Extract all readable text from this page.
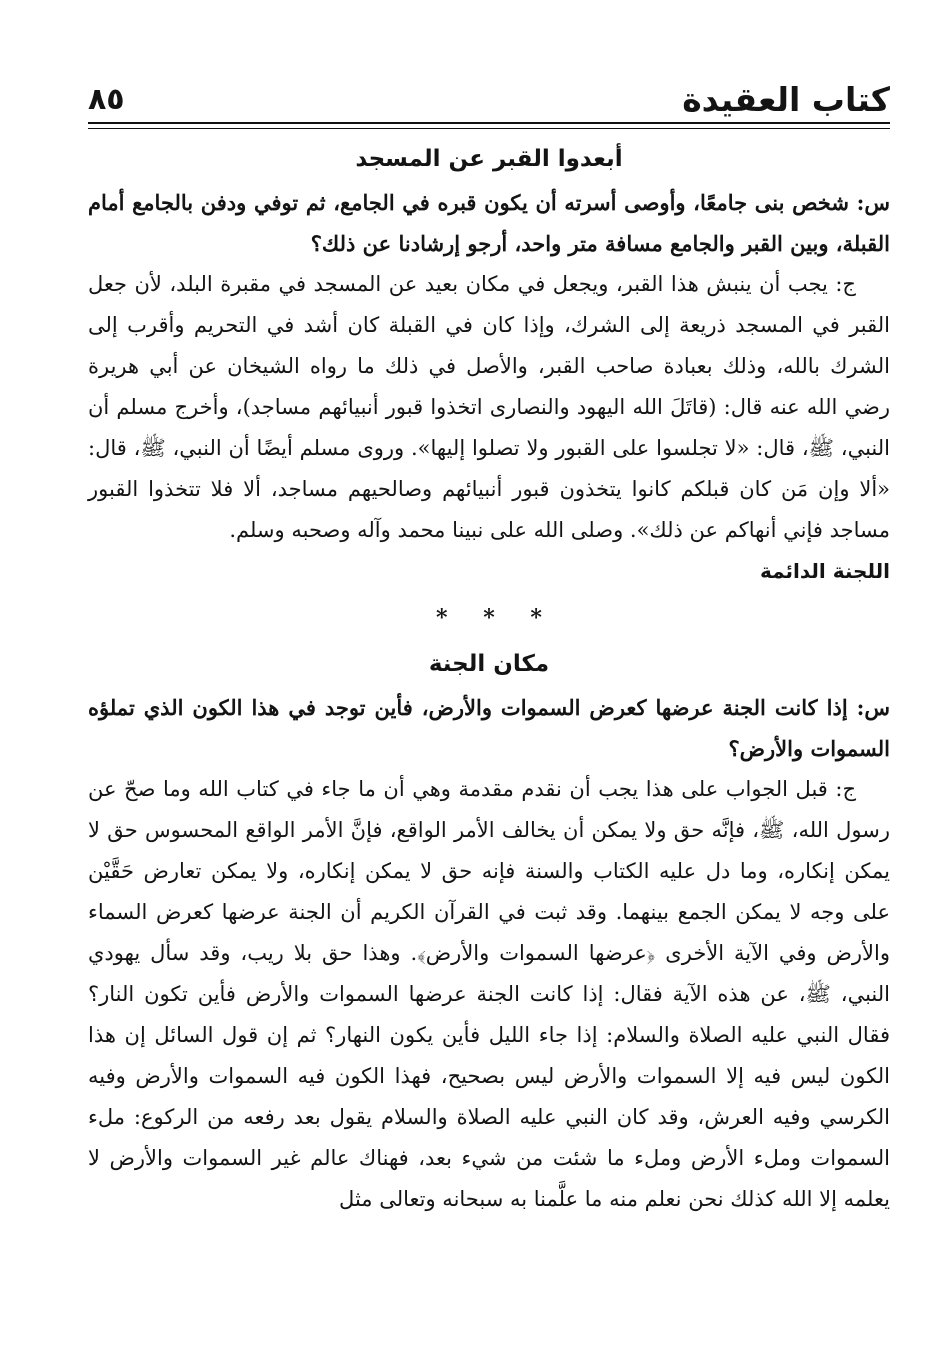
كتاب العقيدة
٨٥
أبعدوا القبر عن المسجد

س: شخص بنى جامعًا، وأوصى أسرته أن يكون قبره في الجامع، ثم توفي ودفن بالجامع أمام القبلة، وبين القبر والجامع مسافة متر واحد، أرجو إرشادنا عن ذلك؟

ج: يجب أن ينبش هذا القبر، ويجعل في مكان بعيد عن المسجد في مقبرة البلد، لأن جعل القبر في المسجد ذريعة إلى الشرك، وإذا كان في القبلة كان أشد في التحريم وأقرب إلى الشرك بالله، وذلك بعبادة صاحب القبر، والأصل في ذلك ما رواه الشيخان عن أبي هريرة رضي الله عنه قال: (قاتَلَ الله اليهود والنصارى اتخذوا قبور أنبيائهم مساجد)، وأخرج مسلم أن النبي، ﷺ، قال: «لا تجلسوا على القبور ولا تصلوا إليها». وروى مسلم أيضًا أن النبي، ﷺ، قال: «ألا وإن مَن كان قبلكم كانوا يتخذون قبور أنبيائهم وصالحيهم مساجد، ألا فلا تتخذوا القبور مساجد فإني أنهاكم عن ذلك». وصلى الله على نبينا محمد وآله وصحبه وسلم.

اللجنة الدائمة
* * *
مكان الجنة

س: إذا كانت الجنة عرضها كعرض السموات والأرض، فأين توجد في هذا الكون الذي تملؤه السموات والأرض؟

ج: قبل الجواب على هذا يجب أن نقدم مقدمة وهي أن ما جاء في كتاب الله وما صحّ عن رسول الله، ﷺ، فإنَّه حق ولا يمكن أن يخالف الأمر الواقع، فإنَّ الأمر الواقع المحسوس حق لا يمكن إنكاره، وما دل عليه الكتاب والسنة فإنه حق لا يمكن إنكاره، ولا يمكن تعارض حَقَّيْن على وجه لا يمكن الجمع بينهما. وقد ثبت في القرآن الكريم أن الجنة عرضها كعرض السماء والأرض وفي الآية الأخرى ﴿عرضها السموات والأرض﴾. وهذا حق بلا ريب، وقد سأل يهودي النبي، ﷺ، عن هذه الآية فقال: إذا كانت الجنة عرضها السموات والأرض فأين تكون النار؟ فقال النبي عليه الصلاة والسلام: إذا جاء الليل فأين يكون النهار؟ ثم إن قول السائل إن هذا الكون ليس فيه إلا السموات والأرض ليس بصحيح، فهذا الكون فيه السموات والأرض وفيه الكرسي وفيه العرش، وقد كان النبي عليه الصلاة والسلام يقول بعد رفعه من الركوع: ملء السموات وملء الأرض وملء ما شئت من شيء بعد، فهناك عالم غير السموات والأرض لا يعلمه إلا الله كذلك نحن نعلم منه ما علَّمنا به سبحانه وتعالى مثل
